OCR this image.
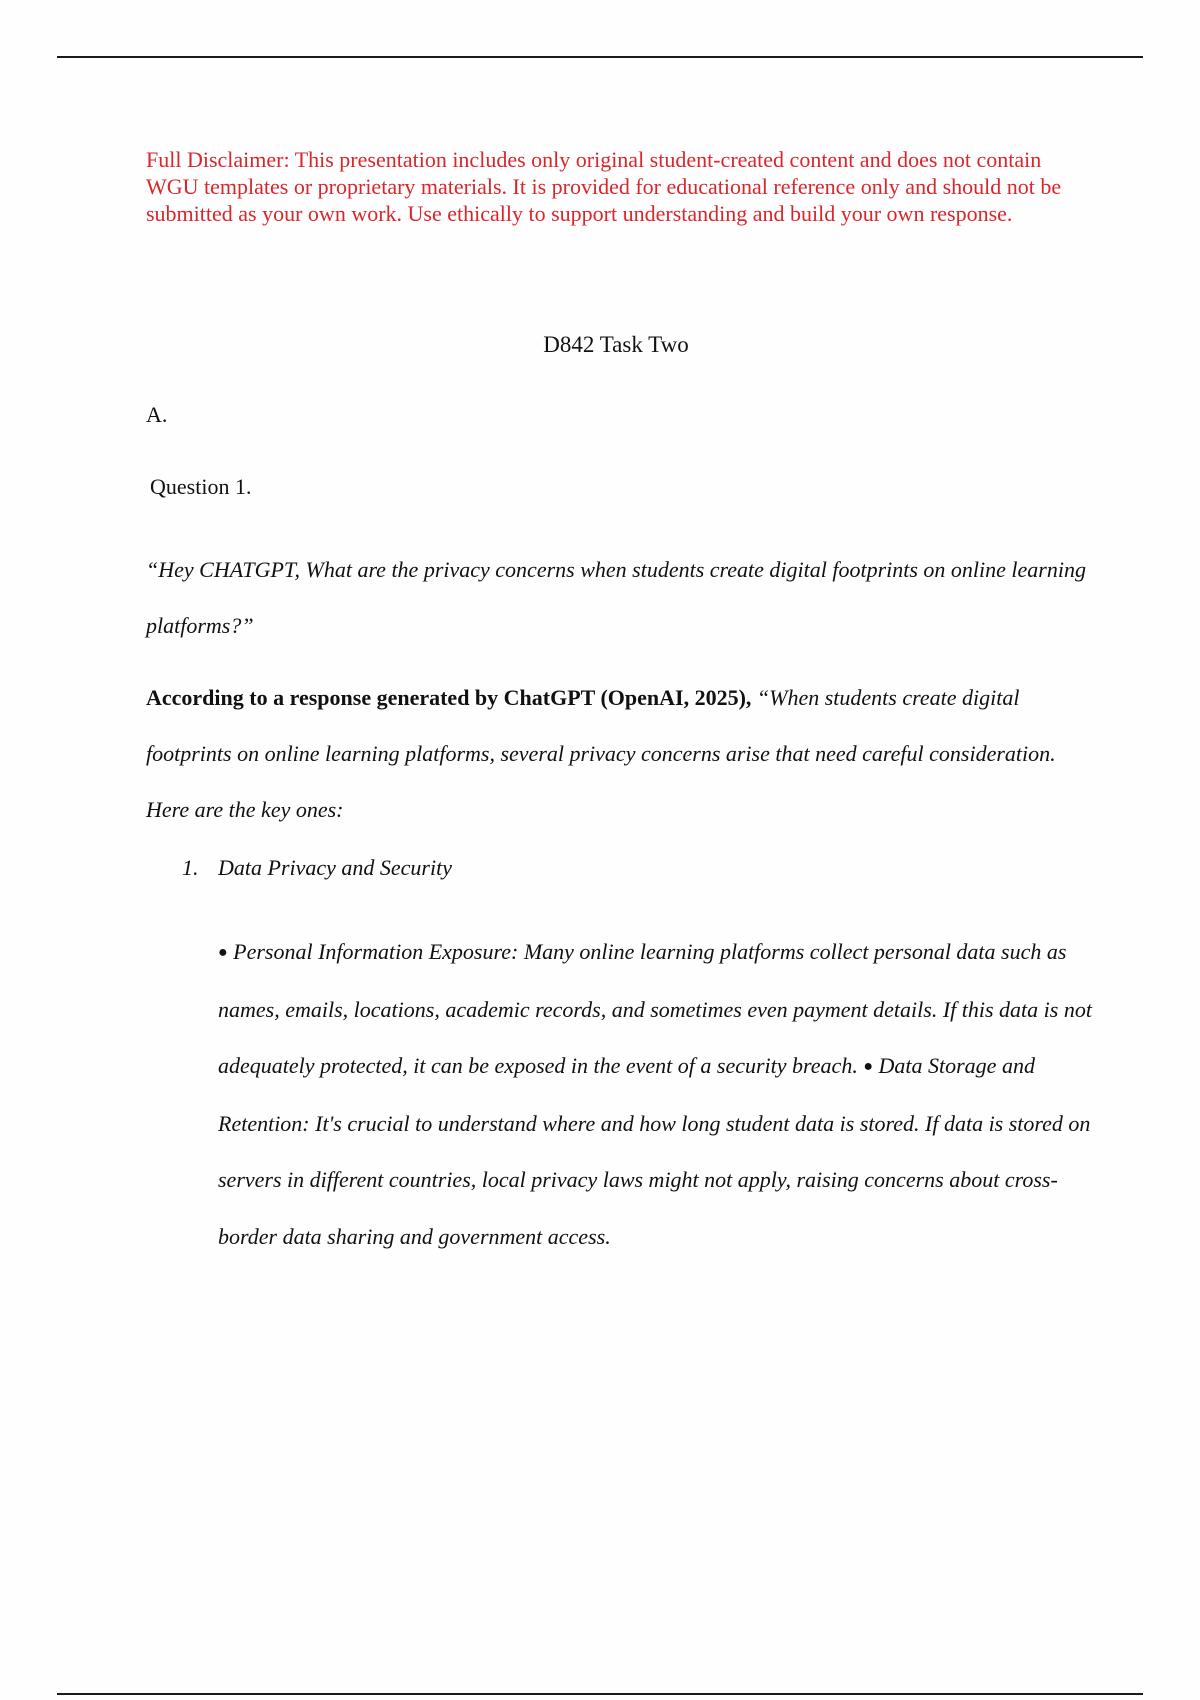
Full Disclaimer: This presentation includes only original student-created content and does not contain WGU templates or proprietary materials. It is provided for educational reference only and should not be submitted as your own work. Use ethically to support understanding and build your own response.
D842 Task Two
A.
Question 1.
“Hey CHATGPT, What are the privacy concerns when students create digital footprints on online learning platforms?”
According to a response generated by ChatGPT (OpenAI, 2025), “When students create digital footprints on online learning platforms, several privacy concerns arise that need careful consideration. Here are the key ones:
1. Data Privacy and Security
● Personal Information Exposure: Many online learning platforms collect personal data such as names, emails, locations, academic records, and sometimes even payment details. If this data is not adequately protected, it can be exposed in the event of a security breach. ● Data Storage and Retention: It's crucial to understand where and how long student data is stored. If data is stored on servers in different countries, local privacy laws might not apply, raising concerns about cross-border data sharing and government access.
